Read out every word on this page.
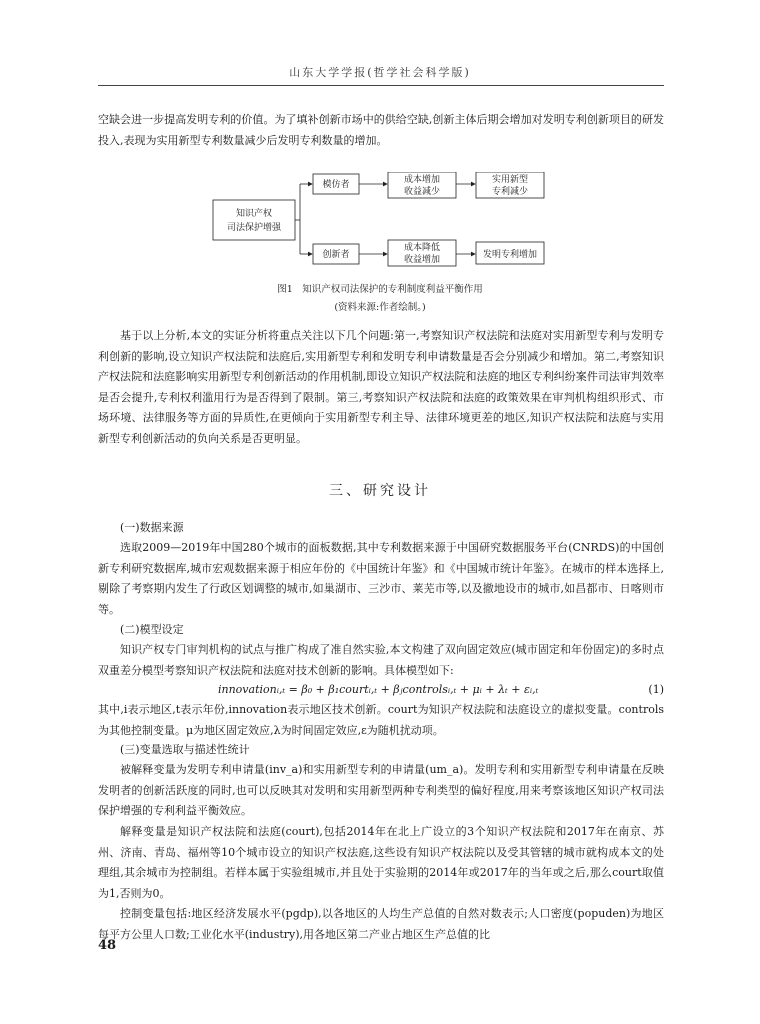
山东大学学报(哲学社会科学版)

空缺会进一步提高发明专利的价值。为了填补创新市场中的供给空缺,创新主体后期会增加对发明专利创新项目的研发投入,表现为实用新型专利数量减少后发明专利数量的增加。

知识产权
司法保护增强
模仿者
创新者
成本增加
收益减少
成本降低
收益增加
实用新型
专利减少
发明专利增加
图1　知识产权司法保护的专利制度利益平衡作用
(资料来源:作者绘制。)

基于以上分析,本文的实证分析将重点关注以下几个问题:第一,考察知识产权法院和法庭对实用新型专利与发明专利创新的影响,设立知识产权法院和法庭后,实用新型专利和发明专利申请数量是否会分别减少和增加。第二,考察知识产权法院和法庭影响实用新型专利创新活动的作用机制,即设立知识产权法院和法庭的地区专利纠纷案件司法审判效率是否会提升,专利权利滥用行为是否得到了限制。第三,考察知识产权法院和法庭的政策效果在审判机构组织形式、市场环境、法律服务等方面的异质性,在更倾向于实用新型专利主导、法律环境更差的地区,知识产权法院和法庭与实用新型专利创新活动的负向关系是否更明显。

三、研究设计

(一)数据来源

选取2009—2019年中国280个城市的面板数据,其中专利数据来源于中国研究数据服务平台(CNRDS)的中国创新专利研究数据库,城市宏观数据来源于相应年份的《中国统计年鉴》和《中国城市统计年鉴》。在城市的样本选择上,剔除了考察期内发生了行政区划调整的城市,如巢湖市、三沙市、莱芜市等,以及撤地设市的城市,如昌都市、日喀则市等。

(二)模型设定

知识产权专门审判机构的试点与推广构成了准自然实验,本文构建了双向固定效应(城市固定和年份固定)的多时点双重差分模型考察知识产权法院和法庭对技术创新的影响。具体模型如下:

innovationᵢ,ₜ = β₀ + β₁courtᵢ,ₜ + βⱼcontrolsᵢ,ₜ + μᵢ + λₜ + εᵢ,ₜ	(1)

其中,i表示地区,t表示年份,innovation表示地区技术创新。court为知识产权法院和法庭设立的虚拟变量。controls为其他控制变量。μ为地区固定效应,λ为时间固定效应,ε为随机扰动项。

(三)变量选取与描述性统计

被解释变量为发明专利申请量(inv_a)和实用新型专利的申请量(um_a)。发明专利和实用新型专利申请量在反映发明者的创新活跃度的同时,也可以反映其对发明和实用新型两种专利类型的偏好程度,用来考察该地区知识产权司法保护增强的专利利益平衡效应。

解释变量是知识产权法院和法庭(court),包括2014年在北上广设立的3个知识产权法院和2017年在南京、苏州、济南、青岛、福州等10个城市设立的知识产权法庭,这些设有知识产权法院以及受其管辖的城市就构成本文的处理组,其余城市为控制组。若样本属于实验组城市,并且处于实验期的2014年或2017年的当年或之后,那么court取值为1,否则为0。

控制变量包括:地区经济发展水平(pgdp),以各地区的人均生产总值的自然对数表示;人口密度(popuden)为地区每平方公里人口数;工业化水平(industry),用各地区第二产业占地区生产总值的比

48
